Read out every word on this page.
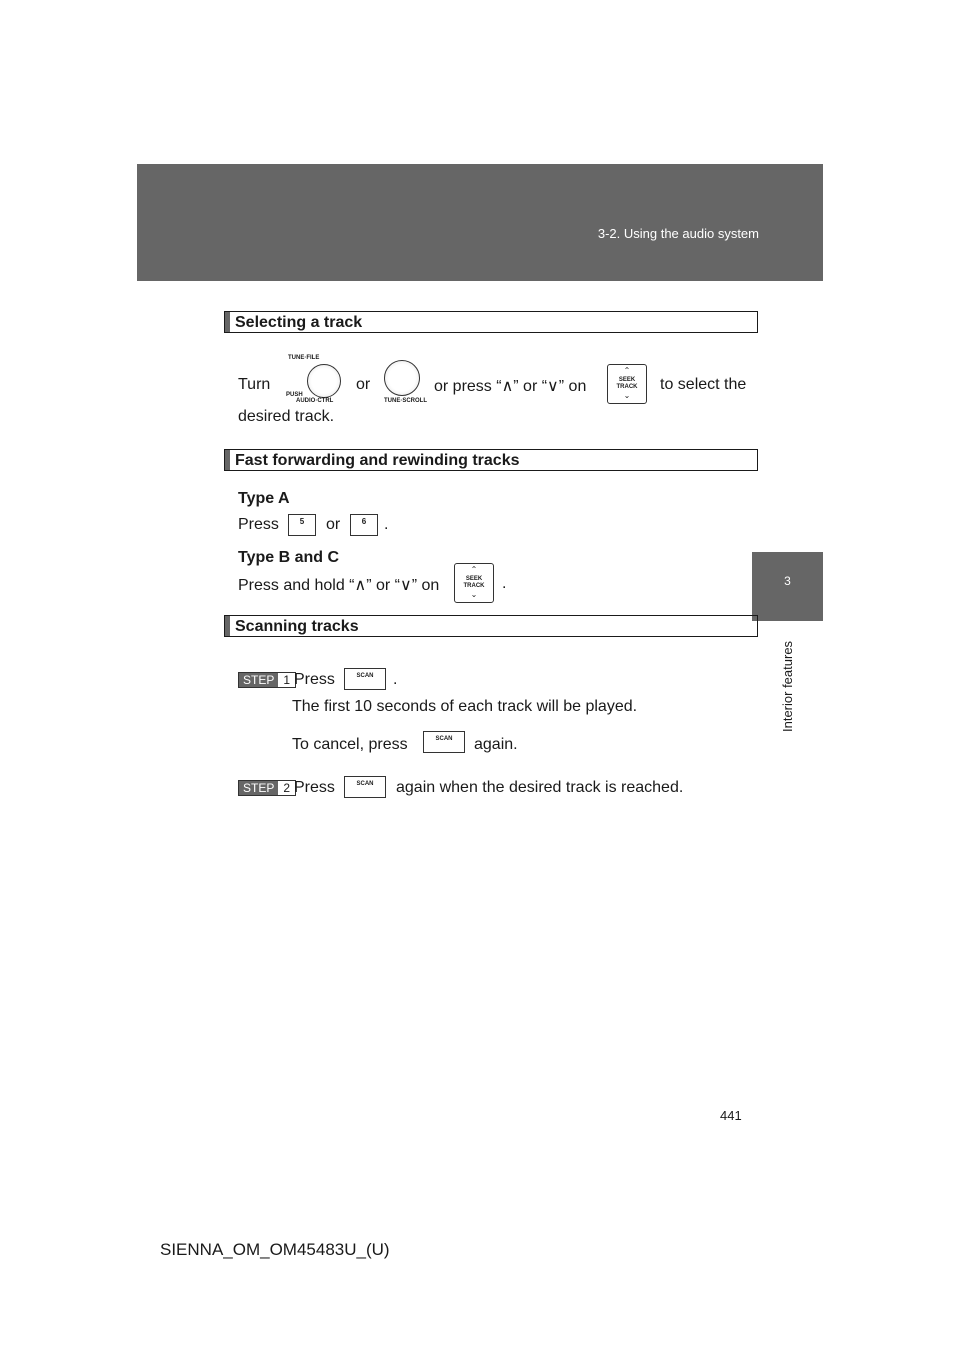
3-2. Using the audio system
3
Interior features
Selecting a track
Turn
TUNE·FILE
PUSH
AUDIO·CTRL
or
TUNE·SCROLL
or press “∧” or “∨” on
⌃
SEEK
TRACK
⌄
to select the
desired track.
Fast forwarding and rewinding tracks
Type A
Press	5	or	6	.
Type B and C
Press and hold “∧” or “∨” on
⌃
SEEK
TRACK
⌄
.
Scanning tracks
STEP 1 Press	SCAN	.
The first 10 seconds of each track will be played.
To cancel, press	SCAN	again.
STEP 2 Press	SCAN	again when the desired track is reached.
441
SIENNA_OM_OM45483U_(U)
